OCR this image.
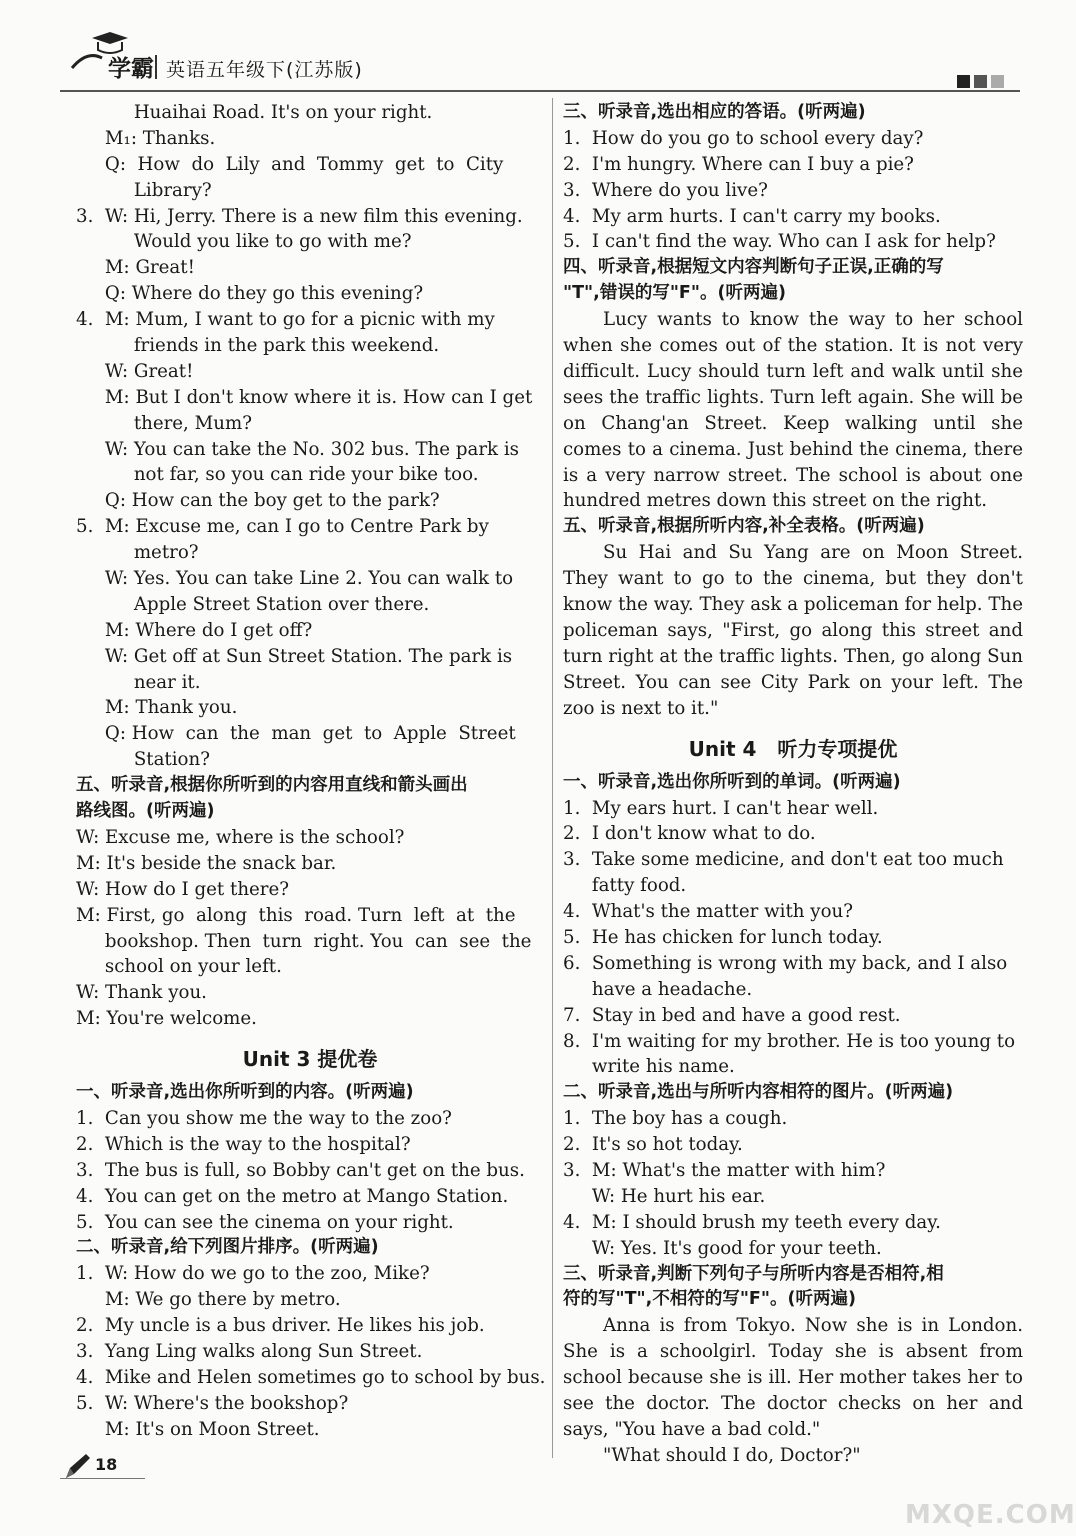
学霸 英语五年级下(江苏版)
Huaihai Road. It's on your right.
M₁: Thanks.
Q:  How  do  Lily  and  Tommy  get  to  City
Library?
3.  W: Hi, Jerry. There is a new film this evening.
Would you like to go with me?
M: Great!
Q: Where do they go this evening?
4.  M: Mum, I want to go for a picnic with my
friends in the park this weekend.
W: Great!
M: But I don't know where it is. How can I get
there, Mum?
W: You can take the No. 302 bus. The park is
not far, so you can ride your bike too.
Q: How can the boy get to the park?
5.  M: Excuse me, can I go to Centre Park by
metro?
W: Yes. You can take Line 2. You can walk to
Apple Street Station over there.
M: Where do I get off?
W: Get off at Sun Street Station. The park is
near it.
M: Thank you.
Q: How  can  the  man  get  to  Apple  Street
Station?
五、听录音,根据你所听到的内容用直线和箭头画出
路线图。(听两遍)
W: Excuse me, where is the school?
M: It's beside the snack bar.
W: How do I get there?
M: First, go  along  this  road. Turn  left  at  the
bookshop. Then  turn  right. You  can  see  the
school on your left.
W: Thank you.
M: You're welcome.
Unit 3 提优卷
一、听录音,选出你所听到的内容。(听两遍)
1.  Can you show me the way to the zoo?
2.  Which is the way to the hospital?
3.  The bus is full, so Bobby can't get on the bus.
4.  You can get on the metro at Mango Station.
5.  You can see the cinema on your right.
二、听录音,给下列图片排序。(听两遍)
1.  W: How do we go to the zoo, Mike?
M: We go there by metro.
2.  My uncle is a bus driver. He likes his job.
3.  Yang Ling walks along Sun Street.
4.  Mike and Helen sometimes go to school by bus.
5.  W: Where's the bookshop?
M: It's on Moon Street.
三、听录音,选出相应的答语。(听两遍)
1.  How do you go to school every day?
2.  I'm hungry. Where can I buy a pie?
3.  Where do you live?
4.  My arm hurts. I can't carry my books.
5.  I can't find the way. Who can I ask for help?
四、听录音,根据短文内容判断句子正误,正确的写
"T",错误的写"F"。(听两遍)
Lucy wants to know the way to her school when she comes out of the station. It is not very difficult. Lucy should turn left and walk until she sees the traffic lights. Turn left again. She will be on Chang'an Street. Keep walking until she comes to a cinema. Just behind the cinema, there is a very narrow street. The school is about one hundred metres down this street on the right.
五、听录音,根据所听内容,补全表格。(听两遍)
Su Hai and Su Yang are on Moon Street. They want to go to the cinema, but they don't know the way. They ask a policeman for help. The policeman says, "First, go along this street and turn right at the traffic lights. Then, go along Sun Street. You can see City Park on your left. The zoo is next to it."
Unit 4   听力专项提优
一、听录音,选出你所听到的单词。(听两遍)
1.  My ears hurt. I can't hear well.
2.  I don't know what to do.
3.  Take some medicine, and don't eat too much
fatty food.
4.  What's the matter with you?
5.  He has chicken for lunch today.
6.  Something is wrong with my back, and I also
have a headache.
7.  Stay in bed and have a good rest.
8.  I'm waiting for my brother. He is too young to
write his name.
二、听录音,选出与所听内容相符的图片。(听两遍)
1.  The boy has a cough.
2.  It's so hot today.
3.  M: What's the matter with him?
W: He hurt his ear.
4.  M: I should brush my teeth every day.
W: Yes. It's good for your teeth.
三、听录音,判断下列句子与所听内容是否相符,相
符的写"T",不相符的写"F"。(听两遍)
Anna is from Tokyo. Now she is in London. She is a schoolgirl. Today she is absent from school because she is ill. Her mother takes her to see the doctor. The doctor checks on her and says, "You have a bad cold."
"What should I do, Doctor?"
18
MXQE.COM
